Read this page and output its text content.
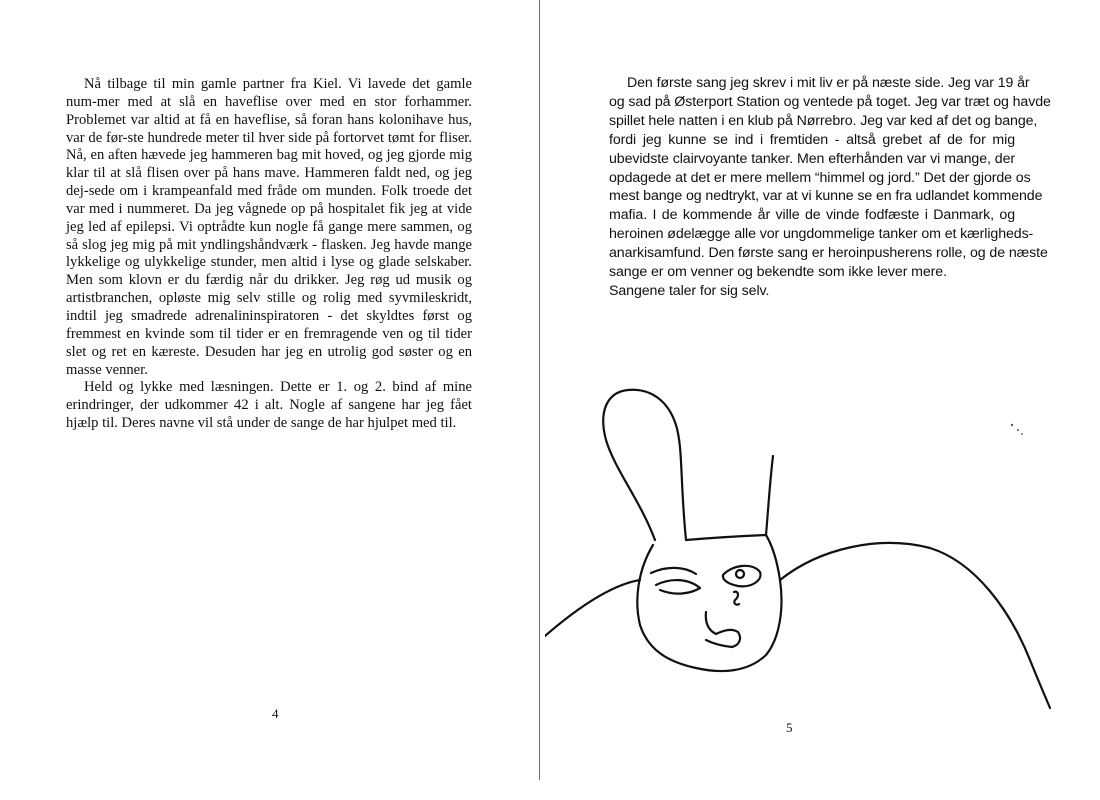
Nå tilbage til min gamle partner fra Kiel. Vi lavede det gamle
num-mer med at slå en haveflise over med en stor forhammer.
Problemet var altid at få en haveflise, så foran hans kolonihave hus,
var de før-ste hundrede meter til hver side på fortorvet tømt for fliser.
Nå, en aften hævede jeg hammeren bag mit hoved, og jeg gjorde mig
klar til at slå flisen over på hans mave. Hammeren faldt ned, og jeg
dej-sede om i krampeanfald med fråde om munden. Folk troede det
var med i nummeret. Da jeg vågnede op på hospitalet fik jeg at vide
jeg led af epilepsi. Vi optrådte kun nogle få gange mere sammen, og
så slog jeg mig på mit yndlingshåndværk - flasken. Jeg havde mange
lykkelige og ulykkelige stunder, men altid i lyse og glade selskaber.
Men som klovn er du færdig når du drikker. Jeg røg ud musik og
artistbranchen, opløste mig selv stille og rolig med syvmileskridt,
indtil jeg smadrede adrenalininspiratoren - det skyldtes først og
fremmest en kvinde som til tider er en fremragende ven og til tider
slet og ret en kæreste. Desuden har jeg en utrolig god søster og en
masse venner.
Held og lykke med læsningen. Dette er 1. og 2. bind af mine
erindringer, der udkommer 42 i alt. Nogle af sangene har jeg fået
hjælp til. Deres navne vil stå under de sange de har hjulpet med til.
4
Den første sang jeg skrev i mit liv er på næste side. Jeg var 19 år
og sad på Østerport Station og ventede på toget. Jeg var træt og havde
spillet hele natten i en klub på Nørrebro. Jeg var ked af det og bange,
fordi jeg kunne se ind i fremtiden - altså grebet af de for mig
ubevidste clairvoyante tanker. Men efterhånden var vi mange, der
opdagede at det er mere mellem “himmel og jord.” Det der gjorde os
mest bange og nedtrykt, var at vi kunne se en fra udlandet kommende
mafia. I de kommende år ville de vinde fodfæste i Danmark, og
heroinen ødelægge alle vor ungdommelige tanker om et kærligheds-
anarkisamfund. Den første sang er heroinpusherens rolle, og de næste
sange er om venner og bekendte som ikke lever mere.
Sangene taler for sig selv.
5
